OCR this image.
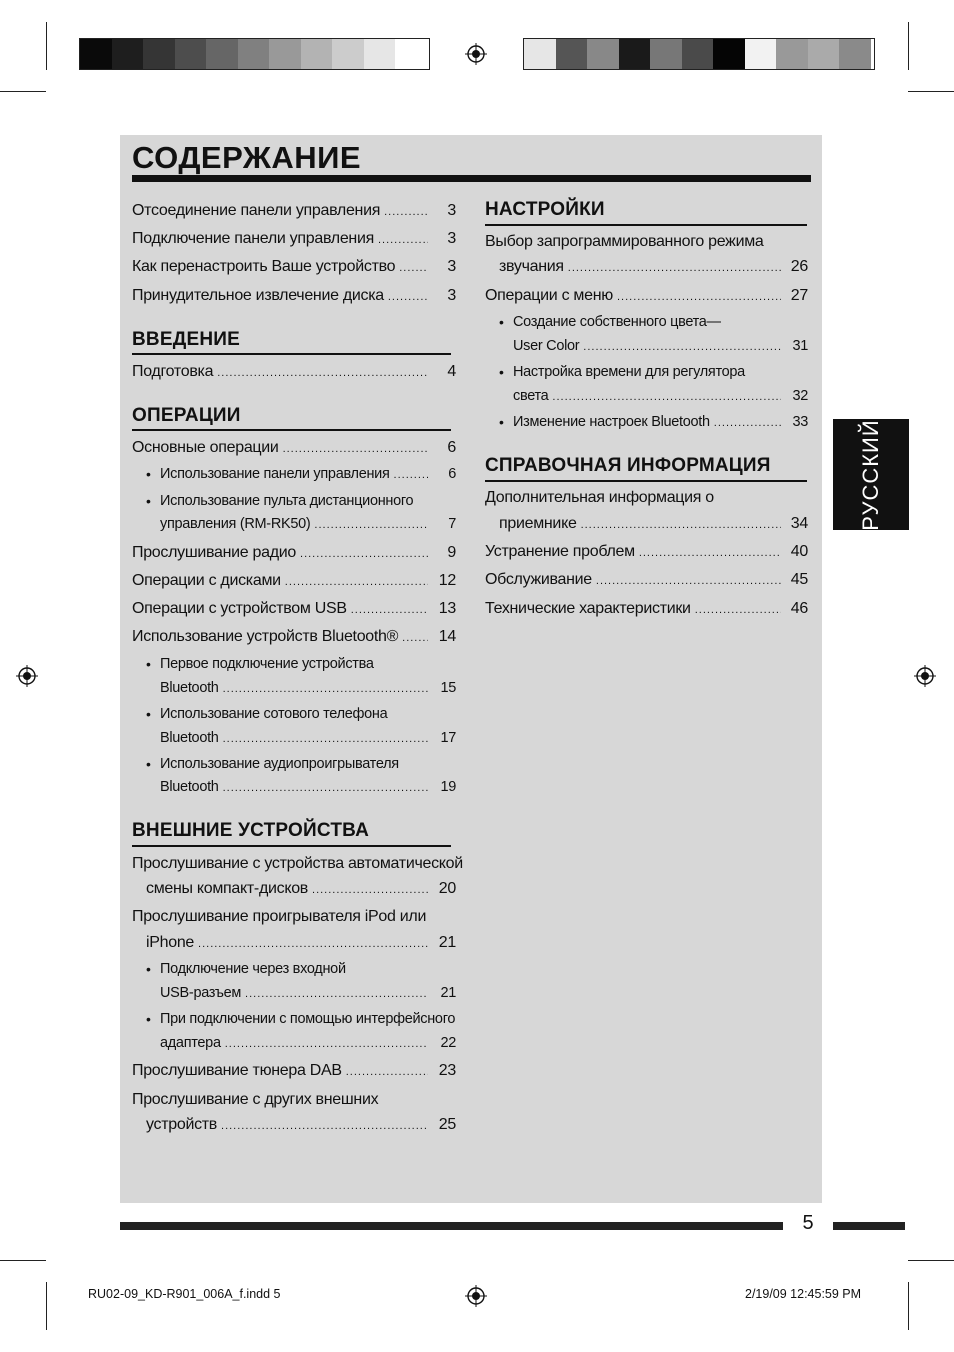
СОДЕРЖАНИЕ
Отсоединение панели управления .....	3
Подключение панели управления .....	3
Как перенастроить Ваше устройство .....	3
Принудительное извлечение диска .....	3
ВВЕДЕНИЕ
Подготовка .....	4
ОПЕРАЦИИ
Основные операции .....	6
• Использование панели управления .....	6
• Использование пульта дистанционного
управления (RM-RK50) .....	7
Прослушивание радио .....	9
Операции с дисками .....	12
Операции с устройством USB .....	13
Использование устройств Bluetooth® .....	14
• Первое подключение устройства
Bluetooth .....	15
• Использование сотового телефона
Bluetooth .....	17
• Использование аудиопроигрывателя
Bluetooth .....	19
ВНЕШНИЕ УСТРОЙСТВА
Прослушивание с устройства автоматической
смены компакт-дисков .....	20
Прослушивание проигрывателя iPod или
iPhone .....	21
• Подключение через входной
USB-разъем .....	21
• При подключении с помощью интерфейсного
адаптера .....	22
Прослушивание тюнера DAB .....	23
Прослушивание с других внешних
устройств .....	25
НАСТРОЙКИ
Выбор запрограммированного режима
звучания .....	26
Операции с меню .....	27
• Создание собственного цвета—
User Color .....	31
• Настройка времени для регулятора
света .....	32
• Изменение настроек Bluetooth .....	33
СПРАВОЧНАЯ ИНФОРМАЦИЯ
Дополнительная информация о
приемнике .....	34
Устранение проблем .....	40
Обслуживание .....	45
Технические характеристики .....	46
РУССКИЙ
5
RU02-09_KD-R901_006A_f.indd 5	2/19/09 12:45:59 PM
